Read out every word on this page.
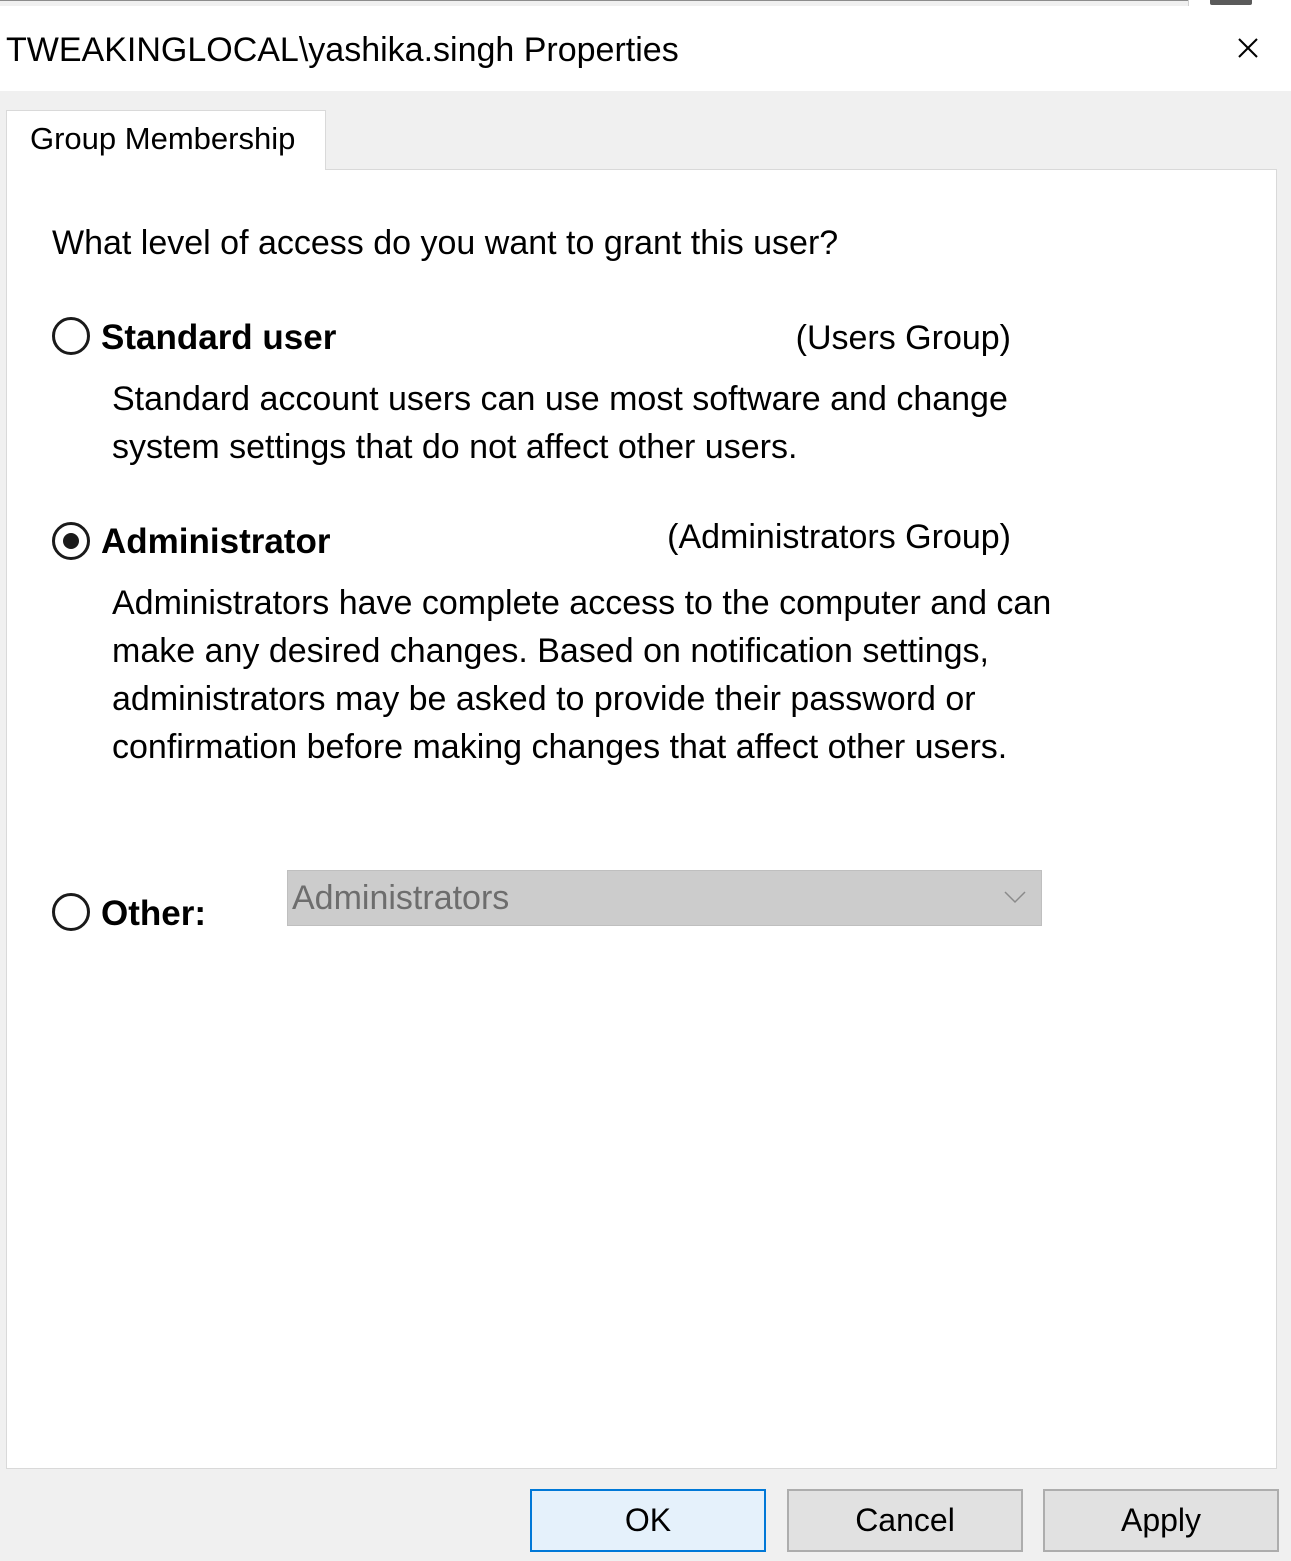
TWEAKINGLOCAL\yashika.singh Properties
Group Membership
What level of access do you want to grant this user?
Standard user	(Users Group)
Standard account users can use most software and change system settings that do not affect other users.
Administrator	(Administrators Group)
Administrators have complete access to the computer and can make any desired changes. Based on notification settings, administrators may be asked to provide their password or confirmation before making changes that affect other users.
Other:	Administrators
OK	Cancel	Apply
